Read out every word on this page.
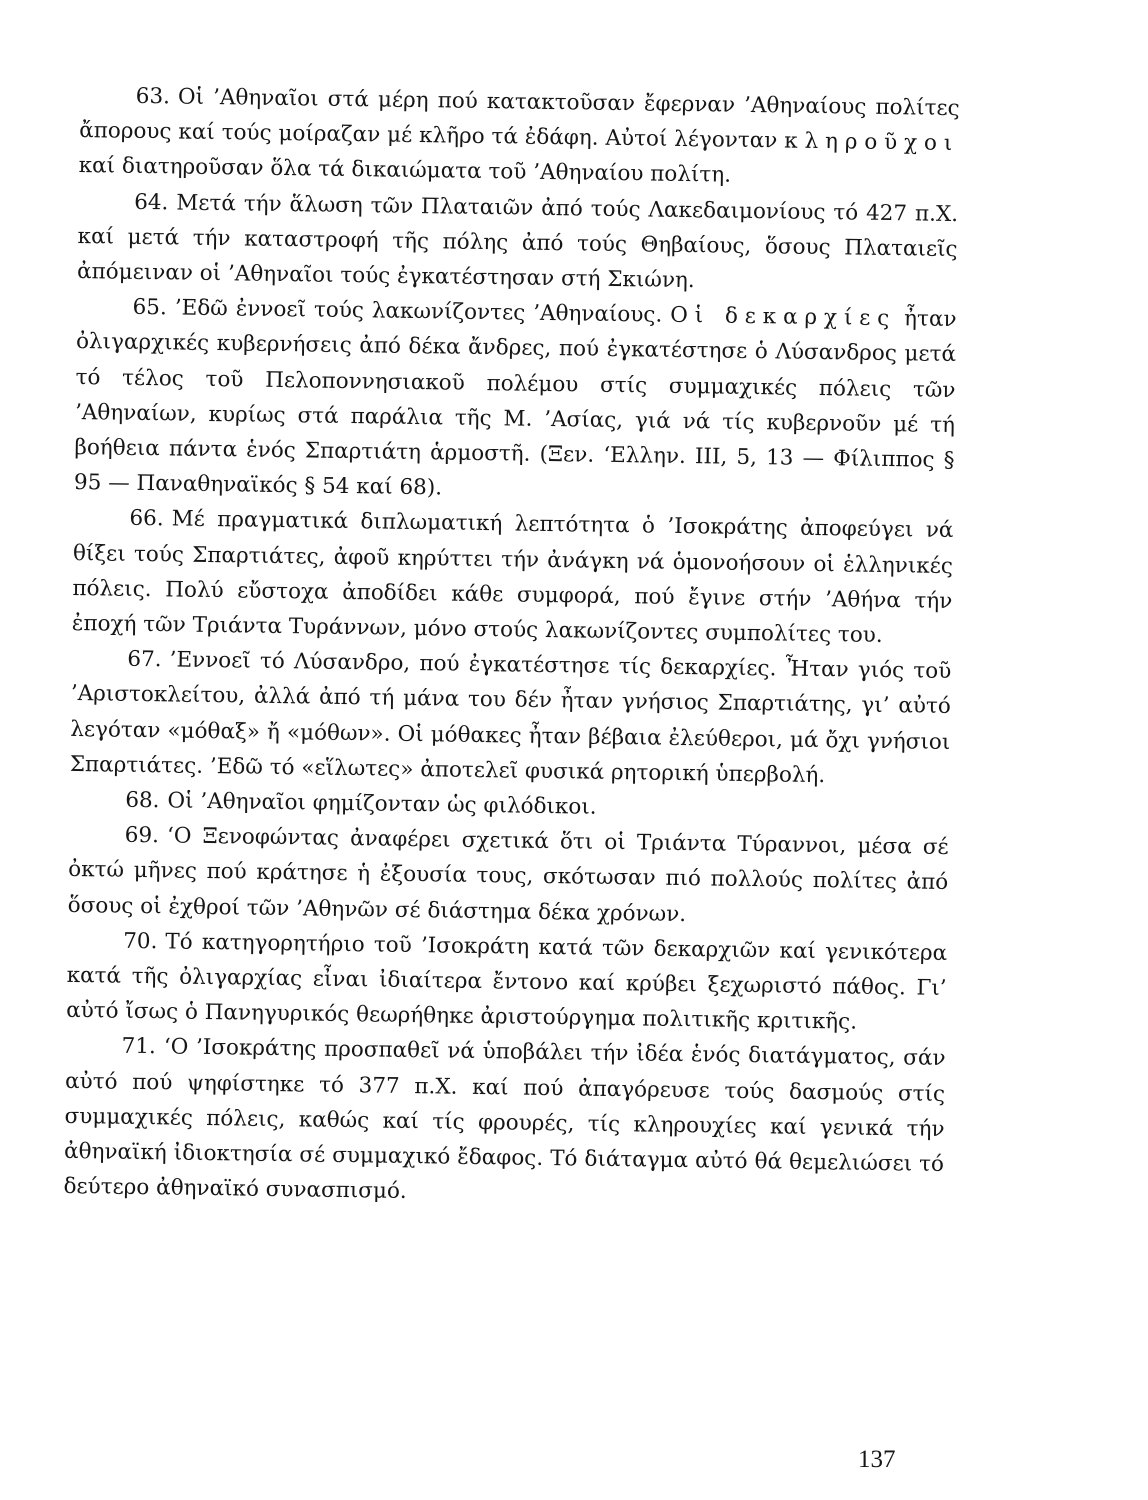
63. Οἱ ’Αθηναῖοι στά μέρη πού κατακτοῦσαν ἔφερναν ’Αθηναίους πολίτες ἄπορους καί τούς μοίραζαν μέ κλῆρο τά ἐδάφη. Αὐτοί λέγονταν κληροῦχοι καί διατηροῦσαν ὅλα τά δικαιώματα τοῦ ’Αθηναίου πολίτη.

64. Μετά τήν ἅλωση τῶν Πλαταιῶν ἀπό τούς Λακεδαιμονίους τό 427 π.Χ. καί μετά τήν καταστροφή τῆς πόλης ἀπό τούς Θηβαίους, ὅσους Πλαταιεῖς ἀπόμειναν οἱ ’Αθηναῖοι τούς ἐγκατέστησαν στή Σκιώνη.

65. ’Εδῶ ἐννοεῖ τούς λακωνίζοντες ’Αθηναίους. Οἱ δεκαρχίες ἦταν ὀλιγαρχικές κυβερνήσεις ἀπό δέκα ἄνδρες, πού ἐγκατέστησε ὁ Λύσανδρος μετά τό τέλος τοῦ Πελοποννησιακοῦ πολέμου στίς συμμαχικές πόλεις τῶν ’Αθηναίων, κυρίως στά παράλια τῆς Μ. ’Ασίας, γιά νά τίς κυβερνοῦν μέ τή βοήθεια πάντα ἑνός Σπαρτιάτη ἁρμοστῆ. (Ξεν. ‘Ελλην. ΙΙΙ, 5, 13 — Φίλιππος § 95 — Παναθηναϊκός § 54 καί 68).

66. Μέ πραγματικά διπλωματική λεπτότητα ὁ ’Ισοκράτης ἀποφεύγει νά θίξει τούς Σπαρτιάτες, ἀφοῦ κηρύττει τήν ἀνάγκη νά ὁμονοήσουν οἱ ἑλληνικές πόλεις. Πολύ εὔστοχα ἀποδίδει κάθε συμφορά, πού ἔγινε στήν ’Αθήνα τήν ἐποχή τῶν Τριάντα Τυράννων, μόνο στούς λακωνίζοντες συμπολίτες του.

67. ’Εννοεῖ τό Λύσανδρο, πού ἐγκατέστησε τίς δεκαρχίες. Ἦταν γιός τοῦ ’Αριστοκλείτου, ἀλλά ἀπό τή μάνα του δέν ἦταν γνήσιος Σπαρτιάτης, γι’ αὐτό λεγόταν «μόθαξ» ἤ «μόθων». Οἱ μόθακες ἦταν βέβαια ἐλεύθεροι, μά ὄχι γνήσιοι Σπαρτιάτες. ’Εδῶ τό «εἵλωτες» ἀποτελεῖ φυσικά ρητορική ὑπερβολή.

68. Οἱ ’Αθηναῖοι φημίζονταν ὡς φιλόδικοι.

69. ‘Ο Ξενοφώντας ἀναφέρει σχετικά ὅτι οἱ Τριάντα Τύραννοι, μέσα σέ ὀκτώ μῆνες πού κράτησε ἡ ἐξουσία τους, σκότωσαν πιό πολλούς πολίτες ἀπό ὅσους οἱ ἐχθροί τῶν ’Αθηνῶν σέ διάστημα δέκα χρόνων.

70. Τό κατηγορητήριο τοῦ ’Ισοκράτη κατά τῶν δεκαρχιῶν καί γενικότερα κατά τῆς ὀλιγαρχίας εἶναι ἰδιαίτερα ἔντονο καί κρύβει ξεχωριστό πάθος. Γι’ αὐτό ἴσως ὁ Πανηγυρικός θεωρήθηκε ἀριστούργημα πολιτικῆς κριτικῆς.

71. ‘Ο ’Ισοκράτης προσπαθεῖ νά ὑποβάλει τήν ἰδέα ἑνός διατάγματος, σάν αὐτό πού ψηφίστηκε τό 377 π.Χ. καί πού ἀπαγόρευσε τούς δασμούς στίς συμμαχικές πόλεις, καθώς καί τίς φρουρές, τίς κληρουχίες καί γενικά τήν ἀθηναϊκή ἰδιοκτησία σέ συμμαχικό ἔδαφος. Τό διάταγμα αὐτό θά θεμελιώσει τό δεύτερο ἀθηναϊκό συνασπισμό.

137
